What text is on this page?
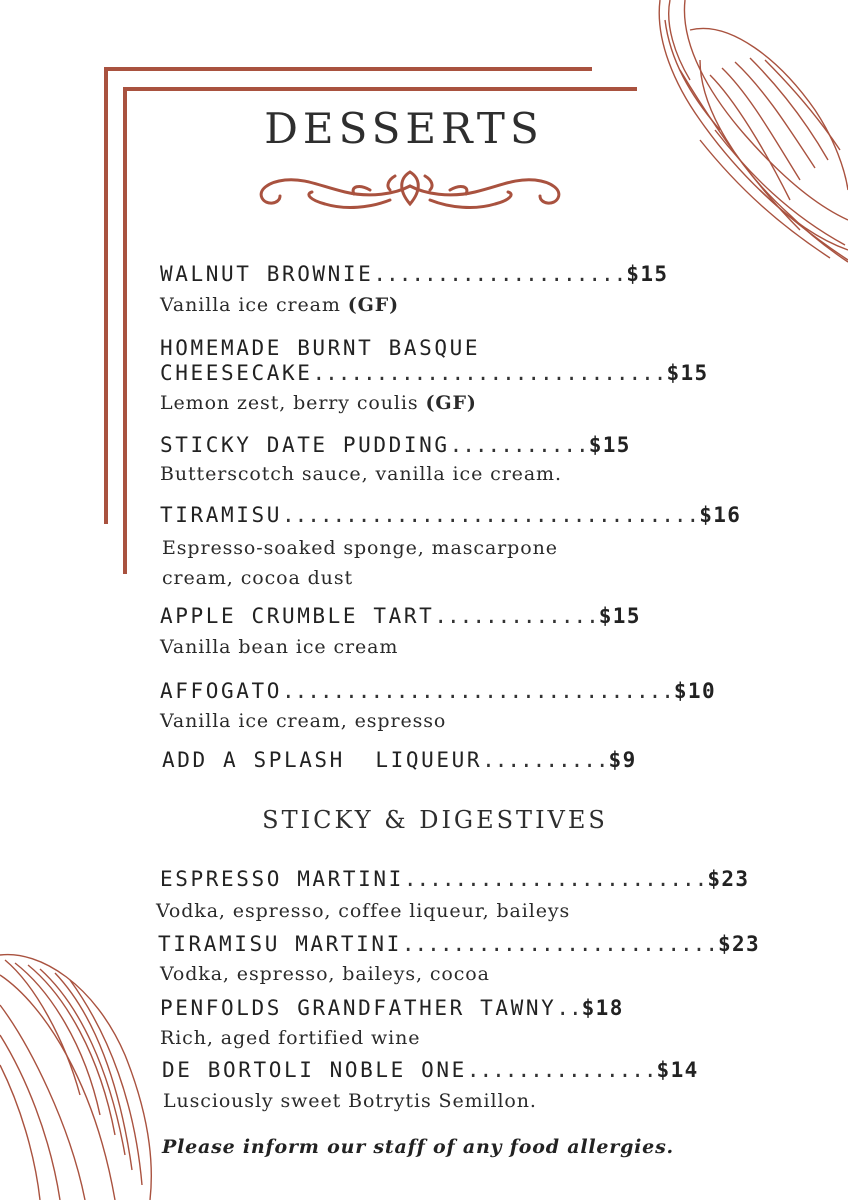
DESSERTS
WALNUT BROWNIE....................$15
Vanilla ice cream (GF)
HOMEMADE BURNT BASQUE
CHEESECAKE............................$15
Lemon zest, berry coulis (GF)
STICKY DATE PUDDING...........$15
Butterscotch sauce, vanilla ice cream.
TIRAMISU.................................$16
Espresso-soaked sponge, mascarpone
cream, cocoa dust
APPLE CRUMBLE TART.............$15
Vanilla bean ice cream
AFFOGATO...............................$10
Vanilla ice cream, espresso
ADD A SPLASH  LIQUEUR..........$9
STICKY & DIGESTIVES
ESPRESSO MARTINI........................$23
Vodka, espresso, coffee liqueur, baileys
TIRAMISU MARTINI.........................$23
Vodka, espresso, baileys, cocoa
PENFOLDS GRANDFATHER TAWNY..$18
Rich, aged fortified wine
DE BORTOLI NOBLE ONE...............$14
Lusciously sweet Botrytis Semillon.
Please inform our staff of any food allergies.
